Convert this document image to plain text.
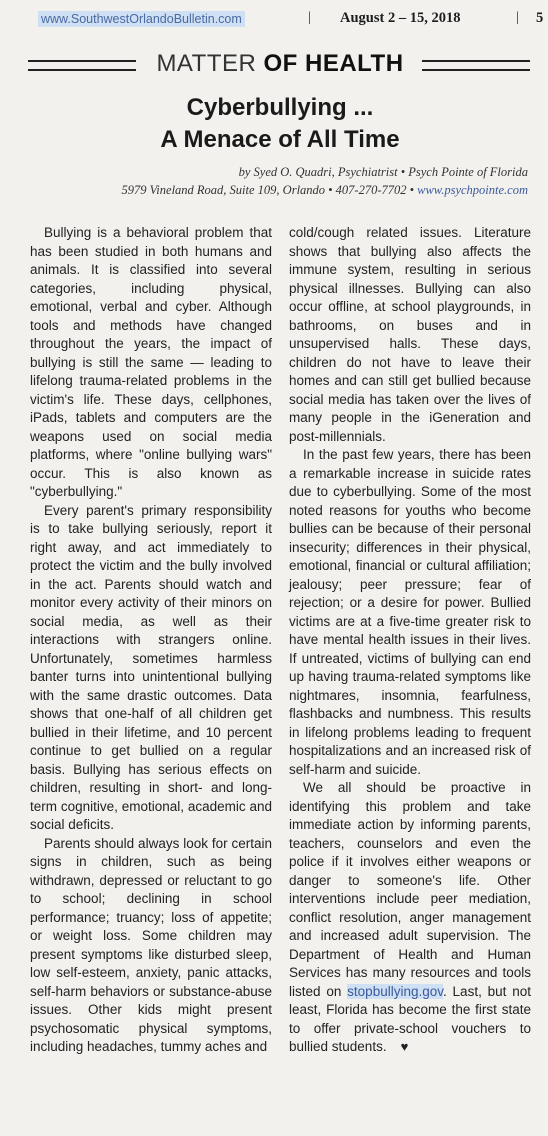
www.SouthwestOrlandoBulletin.com	| August 2 – 15, 2018	| 5
MATTER OF HEALTH
Cyberbullying ...
A Menace of All Time
by Syed O. Quadri, Psychiatrist • Psych Pointe of Florida
5979 Vineland Road, Suite 109, Orlando • 407-270-7702 • www.psychpointe.com

Bullying is a behavioral problem that has been studied in both humans and animals. It is classified into several categories, including physical, emotional, verbal and cyber. Although tools and methods have changed throughout the years, the impact of bullying is still the same — leading to lifelong trauma-related problems in the victim's life. These days, cellphones, iPads, tablets and computers are the weapons used on social media platforms, where "online bullying wars" occur. This is also known as "cyberbullying."

Every parent's primary responsibility is to take bullying seriously, report it right away, and act immediately to protect the victim and the bully involved in the act. Parents should watch and monitor every activity of their minors on social media, as well as their interactions with strangers online. Unfortunately, sometimes harmless banter turns into unintentional bullying with the same drastic outcomes. Data shows that one-half of all children get bullied in their lifetime, and 10 percent continue to get bullied on a regular basis. Bullying has serious effects on children, resulting in short- and long-term cognitive, emotional, academic and social deficits.

Parents should always look for certain signs in children, such as being withdrawn, depressed or reluctant to go to school; declining in school performance; truancy; loss of appetite; or weight loss. Some children may present symptoms like disturbed sleep, low self-esteem, anxiety, panic attacks, self-harm behaviors or substance-abuse issues. Other kids might present psychosomatic physical symptoms, including headaches, tummy aches and

cold/cough related issues. Literature shows that bullying also affects the immune system, resulting in serious physical illnesses. Bullying can also occur offline, at school playgrounds, in bathrooms, on buses and in unsupervised halls. These days, children do not have to leave their homes and can still get bullied because social media has taken over the lives of many people in the iGeneration and post-millennials.

In the past few years, there has been a remarkable increase in suicide rates due to cyberbullying. Some of the most noted reasons for youths who become bullies can be because of their personal insecurity; differences in their physical, emotional, financial or cultural affiliation; jealousy; peer pressure; fear of rejection; or a desire for power. Bullied victims are at a five-time greater risk to have mental health issues in their lives. If untreated, victims of bullying can end up having trauma-related symptoms like nightmares, insomnia, fearfulness, flashbacks and numbness. This results in lifelong problems leading to frequent hospitalizations and an increased risk of self-harm and suicide.

We all should be proactive in identifying this problem and take immediate action by informing parents, teachers, counselors and even the police if it involves either weapons or danger to someone's life. Other interventions include peer mediation, conflict resolution, anger management and increased adult supervision. The Department of Health and Human Services has many resources and tools listed on stopbullying.gov. Last, but not least, Florida has become the first state to offer private-school vouchers to bullied students. ♥
